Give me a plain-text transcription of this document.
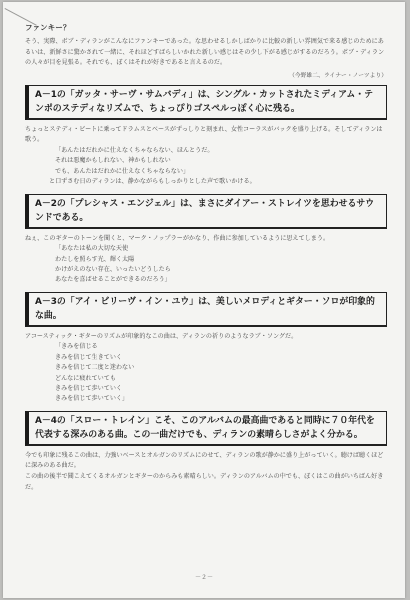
ファンキー？

そう、実際、ボブ・ディランがこんなにファンキーであった。な思わせるしかしばかりに比較の新しい雰囲気で来る感じのためにあるいは、新鮮さに驚かされて一緒に、それほどすばらしいかれた新しい感じはその少し下がる感じがするのだろう。ボブ・ディランの人々が目を見張る。それでも、ぼくはそれが好きであると言えるのだ。

（今野雄二、ライナー・ノーツより）

A－1の「ガッタ・サーヴ・サムバディ」は、シングル・カットされたミディアム・テンポのステディなリズムで、ちょっぴりゴスペルっぽく心に残る。

ちょっとステディ・ビートに乗ってドラムスとベースがずっしりと刻まれ、女性コーラスがバックを盛り上げる。そしてディランは歌う。

「あんたはだれかに仕えなくちゃならない、ほんとうだ。

それは悪魔かもしれない、神かもしれない

でも、あんたはだれかに仕えなくちゃならない」

と口ずさむ日のディランは、静かながらもしっかりとした声で歌いかける。

A－2の「プレシャス・エンジェル」は、まさにダイアー・ストレイツを思わせるサウンドである。

ねぇ、このギターのトーンを聞くと、マーク・ノップラーがかなり、作曲に参加しているように思えてしまう。

「あなたは私の大切な天使

わたしを照らす光、輝く太陽

かけがえのない存在、いったいどうしたら

あなたを喜ばせることができるのだろう」

A－3の「アイ・ビリーヴ・イン・ユウ」は、美しいメロディとギター・ソロが印象的な曲。

アコースティック・ギターのリズムが印象的なこの曲は、ディランの祈りのようなラブ・ソングだ。

「きみを信じる

きみを信じて生きていく

きみを信じて二度と迷わない

どんなに疲れていても

きみを信じて歩いていく

きみを信じて歩いていく」

A－4の「スロー・トレイン」こそ、このアルバムの最高曲であると同時に７０年代を代表する深みのある曲。この一曲だけでも、ディランの素晴らしさがよく分かる。

今でも印象に残るこの曲は、力強いベースとオルガンのリズムにのせて、ディランの歌が静かに盛り上がっていく。聴けば聴くほどに深みのある曲だ。

この曲の後半で聞こえてくるオルガンとギターのからみも素晴らしい。ディランのアルバムの中でも、ぼくはこの曲がいちばん好きだ。

－２－
